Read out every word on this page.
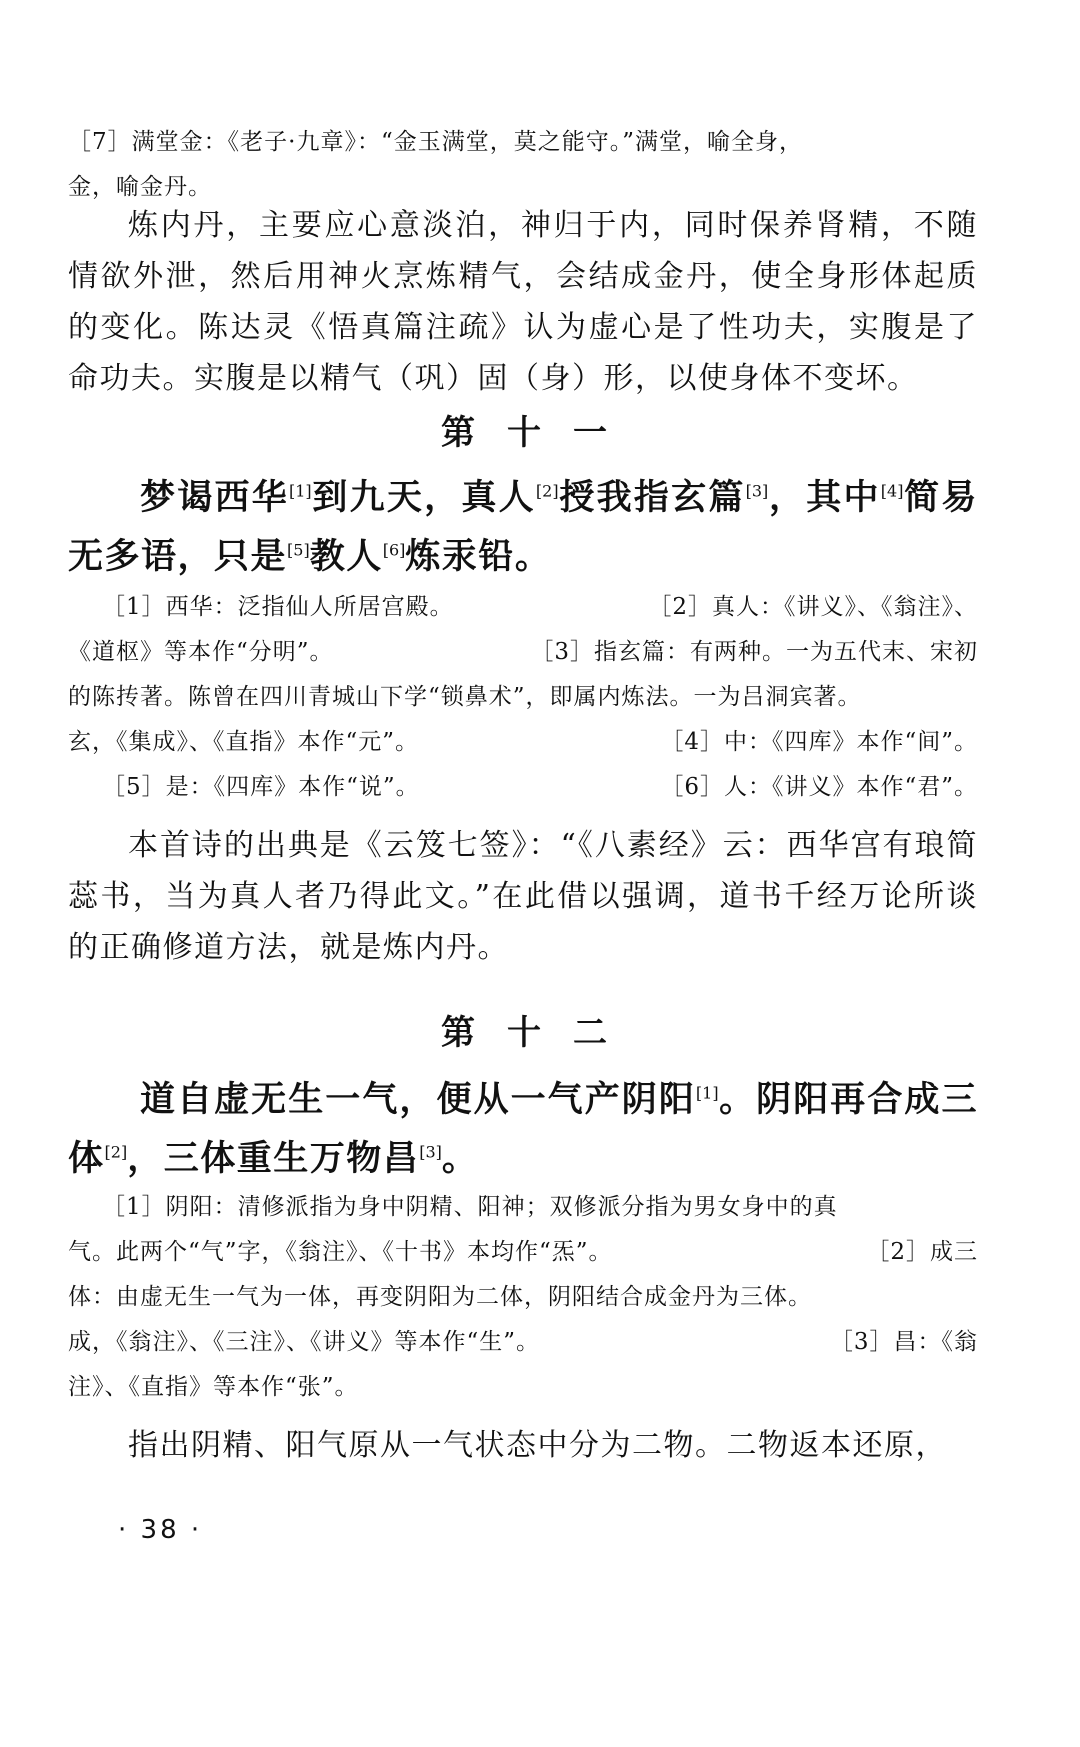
［7］满堂金：《老子·九章》：“金玉满堂，莫之能守。”满堂，喻全身，

金，喻金丹。

炼内丹，主要应心意淡泊，神归于内，同时保养肾精，不随情欲外泄，然后用神火烹炼精气，会结成金丹，使全身形体起质的变化。陈达灵《悟真篇注疏》认为虚心是了性功夫，实腹是了命功夫。实腹是以精气（巩）固（身）形，以使身体不变坏。

第十一

梦谒西华[1]到九天，真人[2]授我指玄篇[3]，其中[4]简易无多语，只是[5]教人[6]炼汞铅。

［1］西华：泛指仙人所居宫殿。	［2］真人：《讲义》、《翁注》、
《道枢》等本作“分明”。	［3］指玄篇：有两种。一为五代末、宋初

的陈抟著。陈曾在四川青城山下学“锁鼻术”，即属内炼法。一为吕洞宾著。

玄，《集成》、《直指》本作“元”。	［4］中：《四库》本作“间”。
［5］是：《四库》本作“说”。	［6］人：《讲义》本作“君”。

本首诗的出典是《云笈七签》：“《八素经》云：西华宫有琅简蕊书，当为真人者乃得此文。”在此借以强调，道书千经万论所谈的正确修道方法，就是炼内丹。

第十二

道自虚无生一气，便从一气产阴阳[1]。阴阳再合成三体[2]，三体重生万物昌[3]。

［1］阴阳：清修派指为身中阴精、阳神；双修派分指为男女身中的真

气。此两个“气”字，《翁注》、《十书》本均作“炁”。	［2］成三

体：由虚无生一气为一体，再变阴阳为二体，阴阳结合成金丹为三体。

成，《翁注》、《三注》、《讲义》等本作“生”。	［3］昌：《翁

注》、《直指》等本作“张”。

指出阴精、阳气原从一气状态中分为二物。二物返本还原，

· 38 ·
